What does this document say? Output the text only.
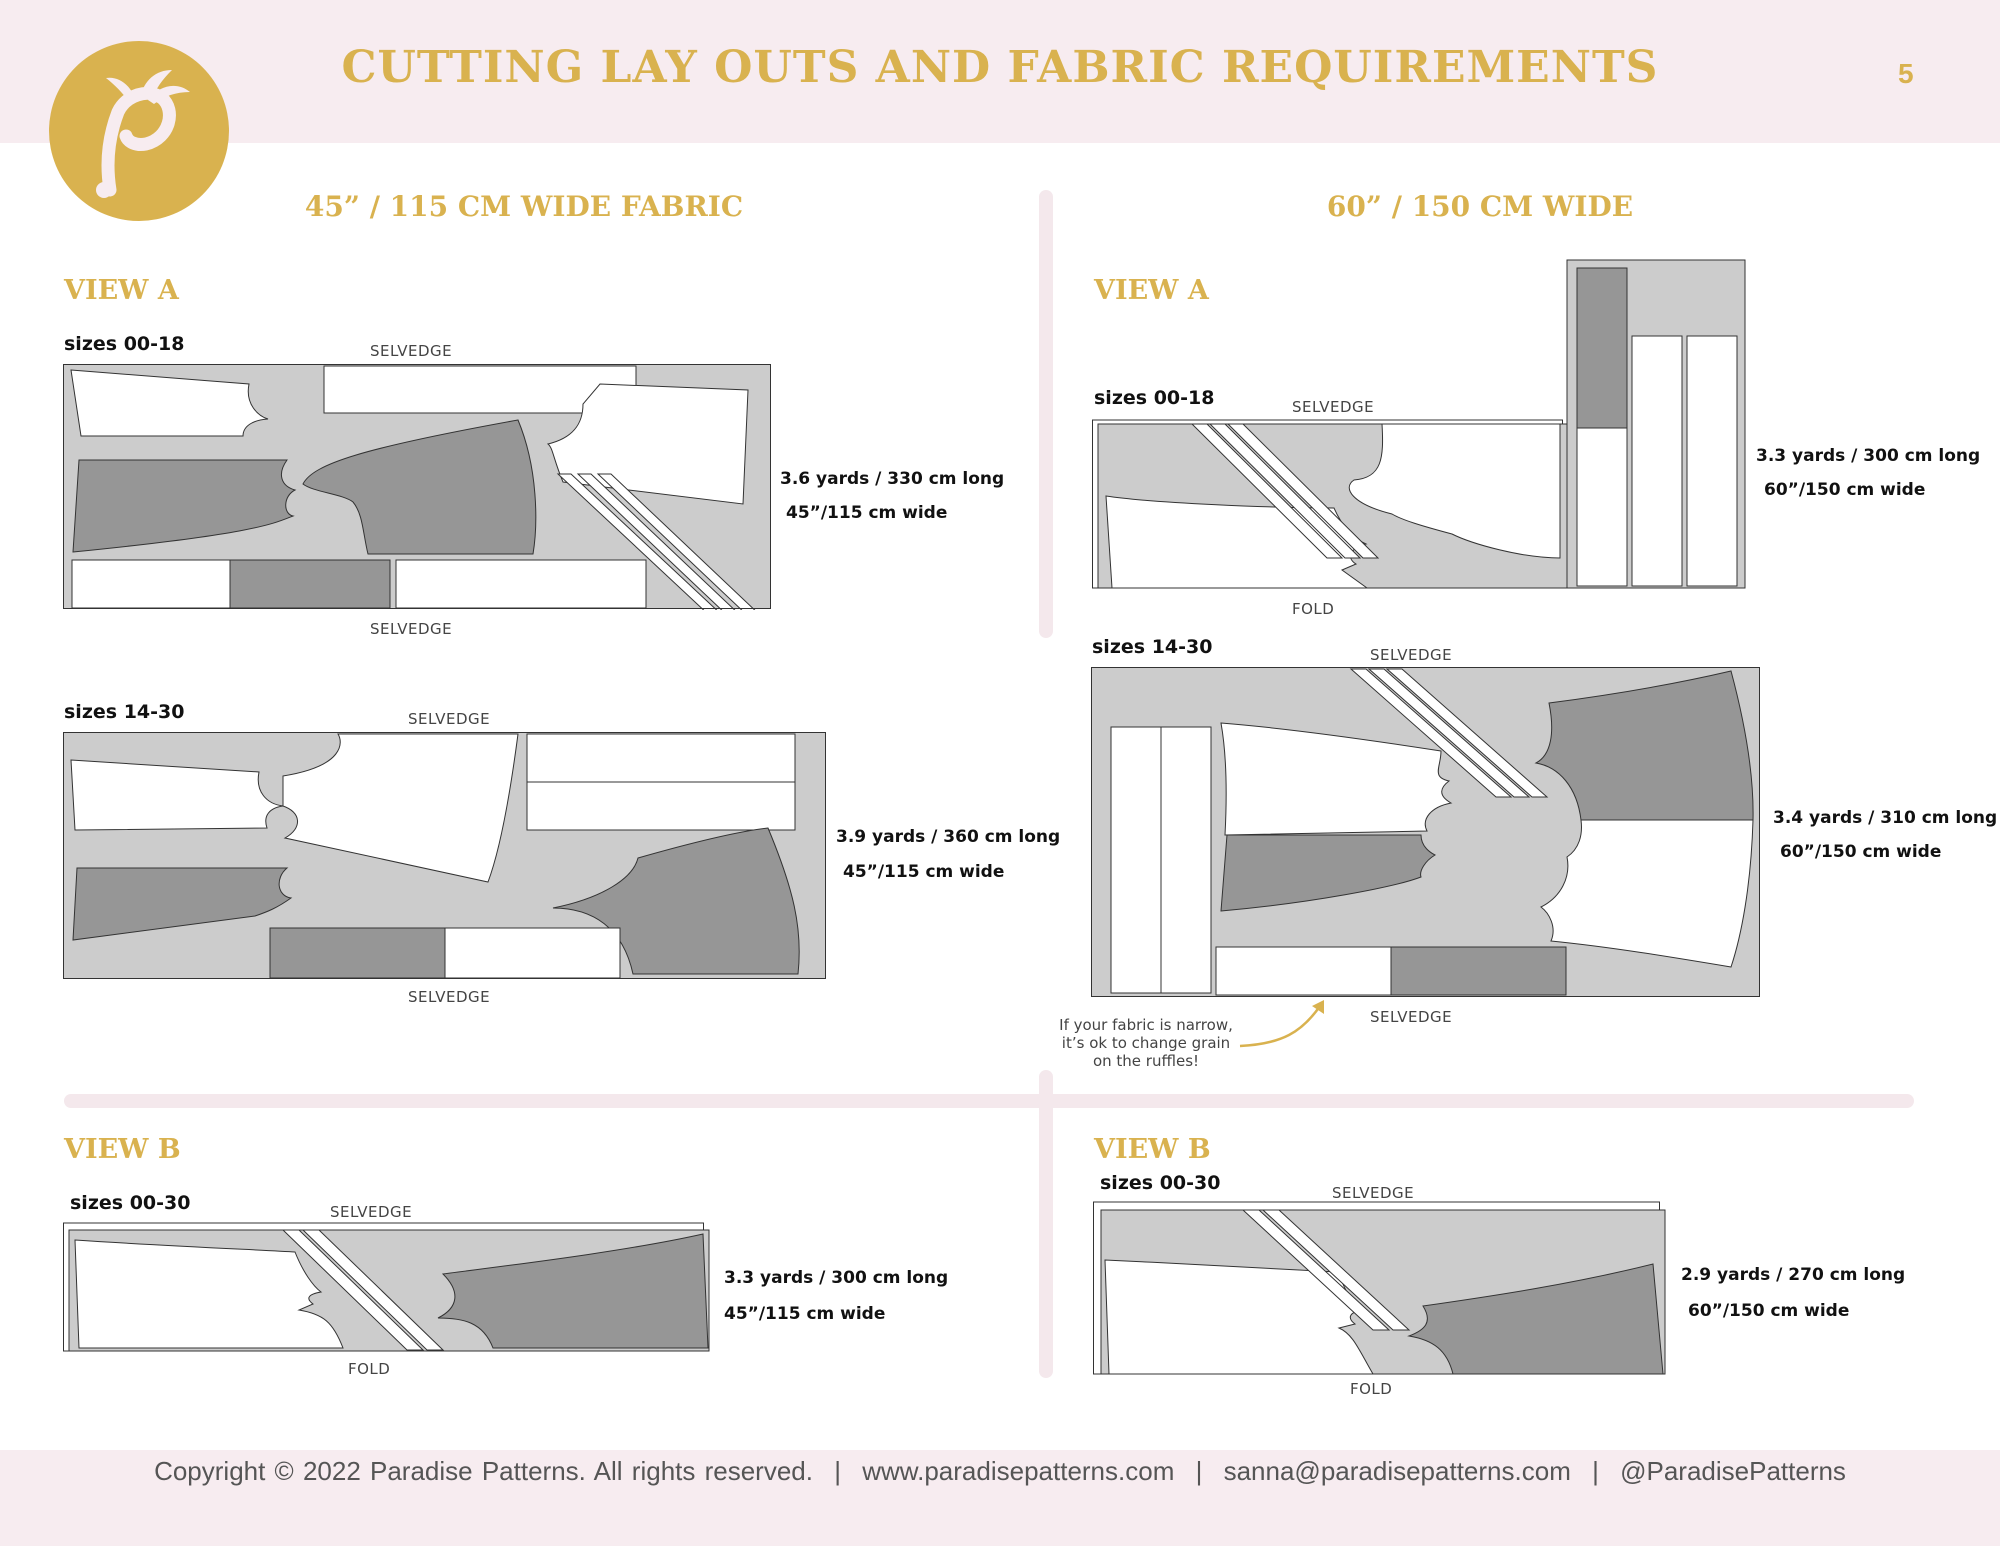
CUTTING LAY OUTS AND FABRIC REQUIREMENTS	5
45” / 115 CM WIDE FABRIC	60” / 150 CM WIDE
VIEW A
sizes 00-18	SELVEDGE
SELVEDGE
3.6 yards / 330 cm long
45”/115 cm wide
sizes 14-30	SELVEDGE
SELVEDGE
3.9 yards / 360 cm long
45”/115 cm wide
VIEW A
sizes 00-18	SELVEDGE
FOLD
3.3 yards / 300 cm long
60”/150 cm wide
sizes 14-30	SELVEDGE
SELVEDGE
3.4 yards / 310 cm long
60”/150 cm wide
If your fabric is narrow,
it’s ok to change grain
on the ruffles!
VIEW B
sizes 00-30	SELVEDGE
FOLD
3.3 yards / 300 cm long
45”/115 cm wide
VIEW B
sizes 00-30	SELVEDGE
FOLD
2.9 yards / 270 cm long
60”/150 cm wide
Copyright © 2022 Paradise Patterns. All rights reserved. | www.paradisepatterns.com | sanna@paradisepatterns.com | @ParadisePatterns
